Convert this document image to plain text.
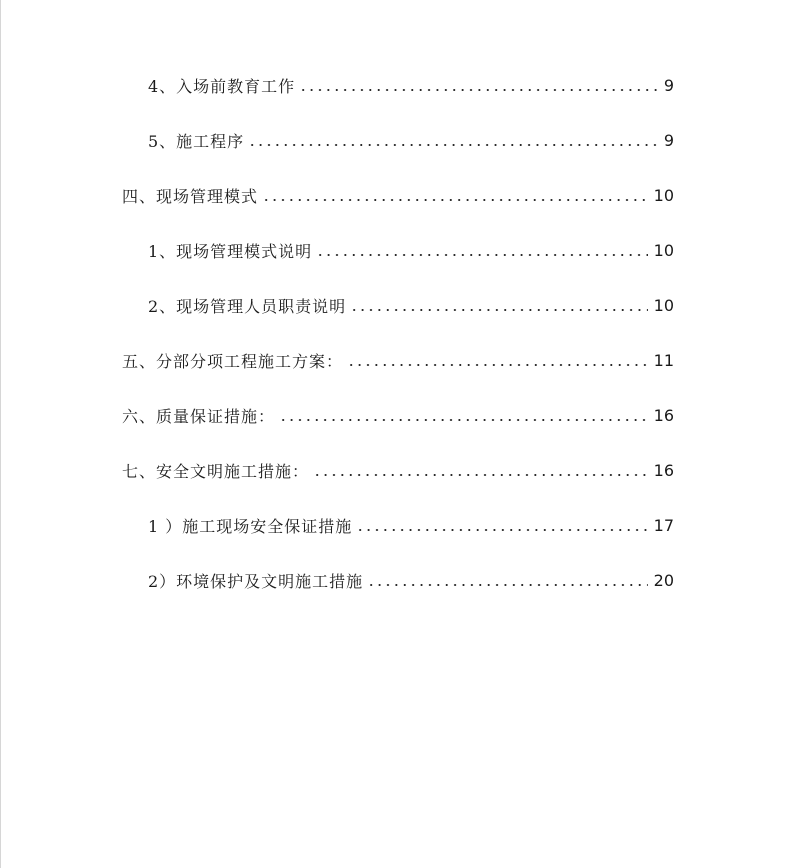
4、入场前教育工作	9
5、施工程序	9
四、现场管理模式	10
1、现场管理模式说明	10
2、现场管理人员职责说明	10
五、分部分项工程施工方案：	11
六、质量保证措施：	16
七、安全文明施工措施：	16
1 ）施工现场安全保证措施	17
2）环境保护及文明施工措施	20
